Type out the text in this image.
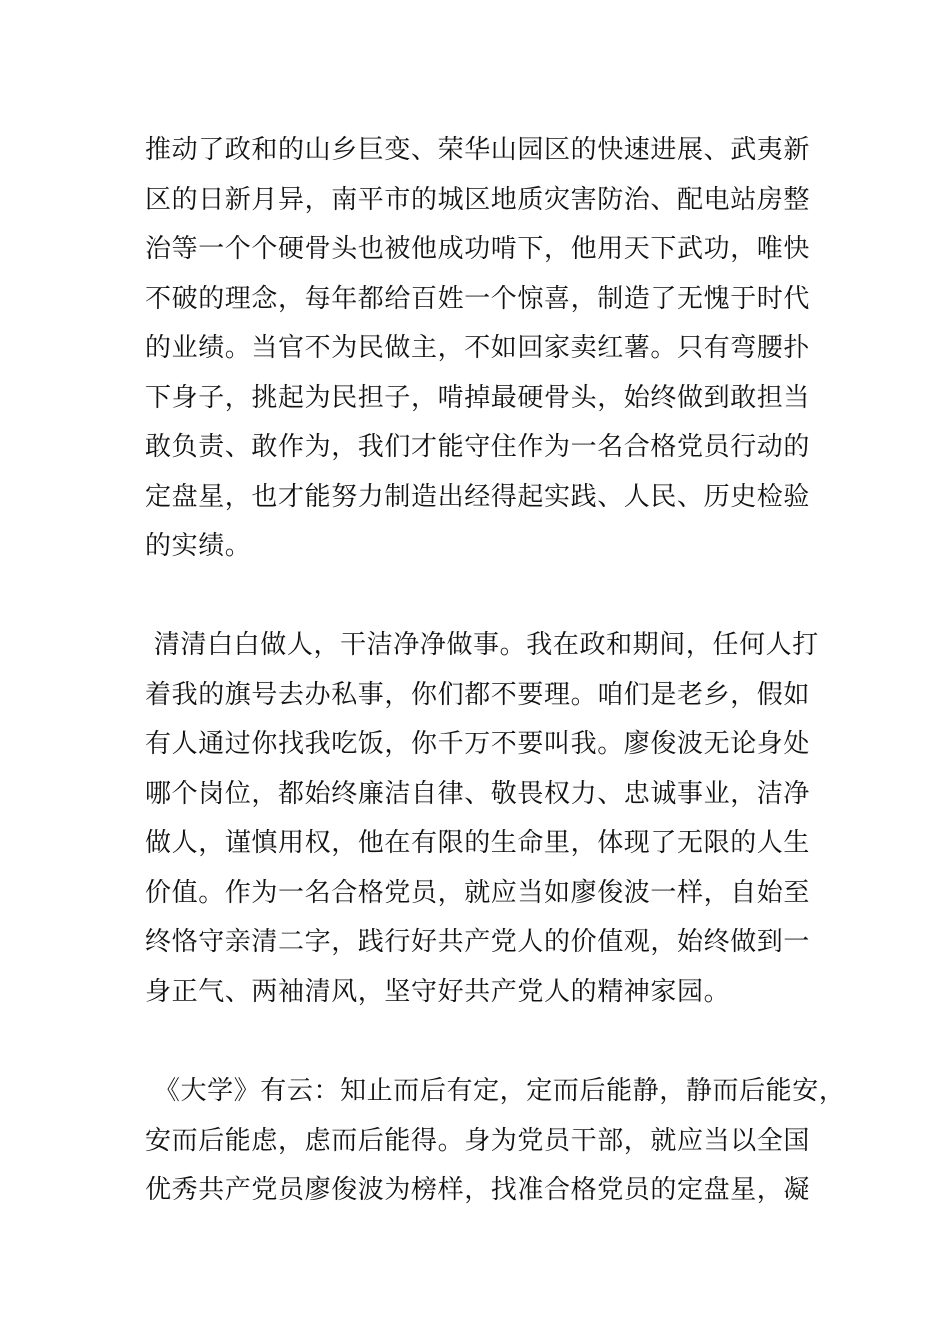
推动了政和的山乡巨变、荣华山园区的快速进展、武夷新
区的日新月异，南平市的城区地质灾害防治、配电站房整
治等一个个硬骨头也被他成功啃下，他用天下武功，唯快
不破的理念，每年都给百姓一个惊喜，制造了无愧于时代
的业绩。当官不为民做主，不如回家卖红薯。只有弯腰扑
下身子，挑起为民担子，啃掉最硬骨头，始终做到敢担当
敢负责、敢作为，我们才能守住作为一名合格党员行动的
定盘星，也才能努力制造出经得起实践、人民、历史检验
的实绩。
清清白白做人，干洁净净做事。我在政和期间，任何人打
着我的旗号去办私事，你们都不要理。咱们是老乡，假如
有人通过你找我吃饭，你千万不要叫我。廖俊波无论身处
哪个岗位，都始终廉洁自律、敬畏权力、忠诚事业，洁净
做人，谨慎用权，他在有限的生命里，体现了无限的人生
价值。作为一名合格党员，就应当如廖俊波一样，自始至
终恪守亲清二字，践行好共产党人的价值观，始终做到一
身正气、两袖清风，坚守好共产党人的精神家园。
《大学》有云：知止而后有定，定而后能静，静而后能安，
安而后能虑，虑而后能得。身为党员干部，就应当以全国
优秀共产党员廖俊波为榜样，找准合格党员的定盘星，凝
